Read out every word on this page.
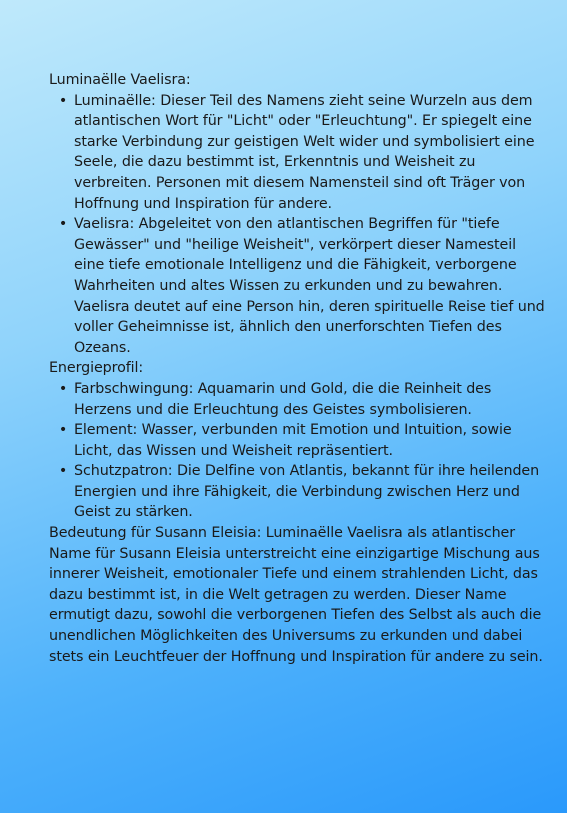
Luminaëlle Vaelisra:

• Luminaëlle: Dieser Teil des Namens zieht seine Wurzeln aus dem atlantischen Wort für "Licht" oder "Erleuchtung". Er spiegelt eine starke Verbindung zur geistigen Welt wider und symbolisiert eine Seele, die dazu bestimmt ist, Erkenntnis und Weisheit zu verbreiten. Personen mit diesem Namensteil sind oft Träger von Hoffnung und Inspiration für andere.
• Vaelisra: Abgeleitet von den atlantischen Begriffen für "tiefe Gewässer" und "heilige Weisheit", verkörpert dieser Namesteil eine tiefe emotionale Intelligenz und die Fähigkeit, verborgene Wahrheiten und altes Wissen zu erkunden und zu bewahren. Vaelisra deutet auf eine Person hin, deren spirituelle Reise tief und voller Geheimnisse ist, ähnlich den unerforschten Tiefen des Ozeans.

Energieprofil:

• Farbschwingung: Aquamarin und Gold, die die Reinheit des Herzens und die Erleuchtung des Geistes symbolisieren.
• Element: Wasser, verbunden mit Emotion und Intuition, sowie Licht, das Wissen und Weisheit repräsentiert.
• Schutzpatron: Die Delfine von Atlantis, bekannt für ihre heilenden Energien und ihre Fähigkeit, die Verbindung zwischen Herz und Geist zu stärken.

Bedeutung für Susann Eleisia: Luminaëlle Vaelisra als atlantischer Name für Susann Eleisia unterstreicht eine einzigartige Mischung aus innerer Weisheit, emotionaler Tiefe und einem strahlenden Licht, das dazu bestimmt ist, in die Welt getragen zu werden. Dieser Name ermutigt dazu, sowohl die verborgenen Tiefen des Selbst als auch die unendlichen Möglichkeiten des Universums zu erkunden und dabei stets ein Leuchtfeuer der Hoffnung und Inspiration für andere zu sein.
